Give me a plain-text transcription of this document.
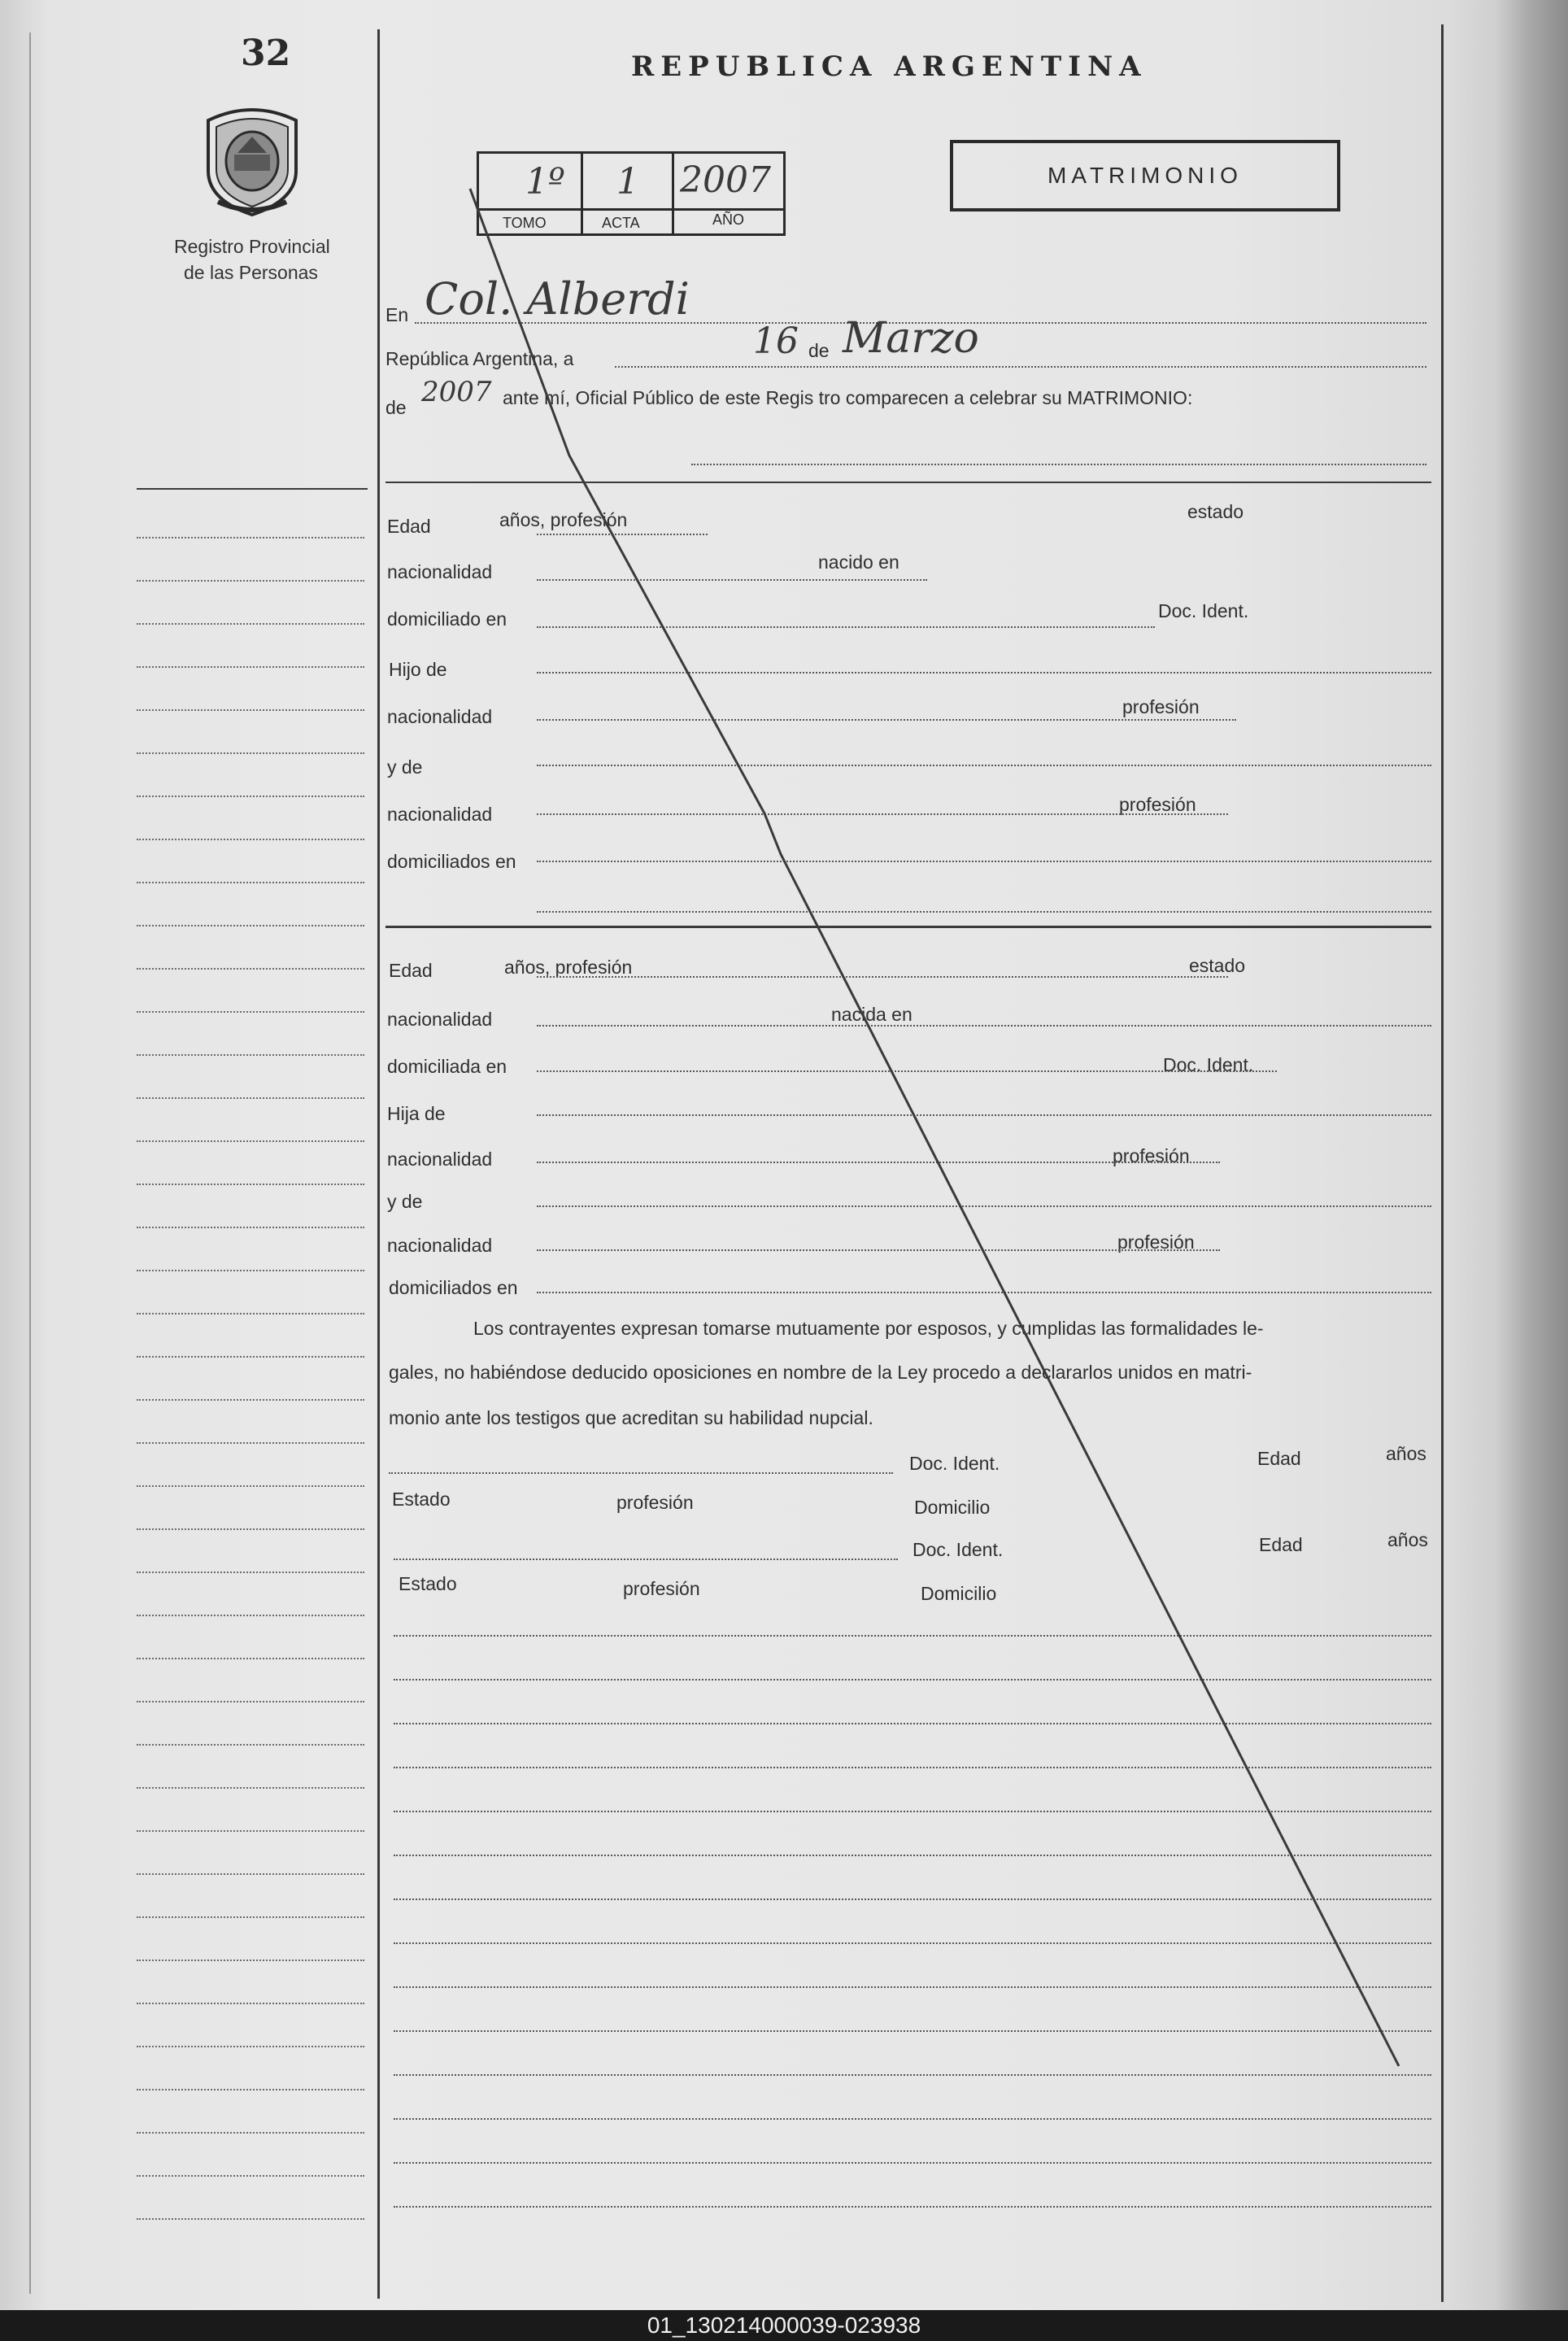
32
Registro Provincial
de las Personas
REPUBLICA ARGENTINA
MATRIMONIO
1º 1 2007
TOMO	ACTA	AÑO
En Col. Alberdi
República Argentina, a	16 de Marzo
de 2007 ante mí, Oficial Público de este Regis tro comparecen a celebrar su MATRIMONIO:
Edad	años, profesión	estado
nacionalidad	nacido en
domiciliado en	Doc. Ident.
Hijo de
nacionalidad	profesión
y de
nacionalidad	profesión
domiciliados en
Edad	años, profesión	estado
nacionalidad	nacida en
domiciliada en	Doc. Ident.
Hija de
nacionalidad	profesión
y de
nacionalidad	profesión
domiciliados en
Los contrayentes expresan tomarse mutuamente por esposos, y cumplidas las formalidades le-
gales, no habiéndose deducido oposiciones en nombre de la Ley procedo a declararlos unidos en matri-
monio ante los testigos que acreditan su habilidad nupcial.
Doc. Ident.	Edad	años
Estado	profesión	Domicilio
Doc. Ident.	Edad	años
Estado	profesión	Domicilio
01_130214000039-023938
